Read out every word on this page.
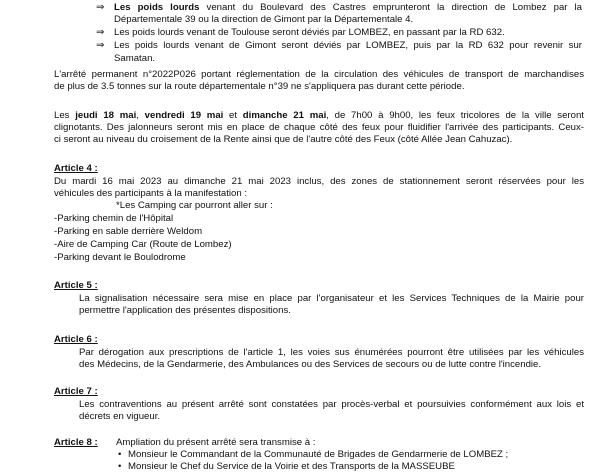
⇒ Les poids lourds venant du Boulevard des Castres emprunteront la direction de Lombez par la
Départementale 39 ou la direction de Gimont par la Départementale 4.
⇒ Les poids lourds venant de Toulouse seront déviés par LOMBEZ, en passant par la RD 632.
⇒ Les poids lourds venant de Gimont seront déviés par LOMBEZ, puis par la RD 632 pour revenir sur
Samatan.
L'arrêté permanent n°2022P026 portant réglementation de la circulation des véhicules de transport de marchandises
de plus de 3.5 tonnes sur la route départementale n°39 ne s'appliquera pas durant cette période.
Les jeudi 18 mai, vendredi 19 mai et dimanche 21 mai, de 7h00 à 9h00, les feux tricolores de la ville seront
clignotants. Des jalonneurs seront mis en place de chaque côté des feux pour fluidifier l'arrivée des participants. Ceux-
ci seront au niveau du croisement de la Rente ainsi que de l'autre côté des Feux (côté Allée Jean Cahuzac).
Article 4 :
Du mardi 16 mai 2023 au dimanche 21 mai 2023 inclus, des zones de stationnement seront réservées pour les
véhicules des participants à la manifestation :
*Les Camping car pourront aller sur :
-Parking chemin de l'Hôpital
-Parking en sable derrière Weldom
-Aire de Camping Car (Route de Lombez)
-Parking devant le Boulodrome
Article 5 :
La signalisation nécessaire sera mise en place par l'organisateur et les Services Techniques de la Mairie pour
permettre l'application des présentes dispositions.
Article 6 :
Par dérogation aux prescriptions de l'article 1, les voies sus énumérées pourront être utilisées par les véhicules
des Médecins, de la Gendarmerie, des Ambulances ou des Services de secours ou de lutte contre l'incendie.
Article 7 :
Les contraventions au présent arrêté sont constatées par procès-verbal et poursuivies conformément aux lois et
décrets en vigueur.
Article 8 : Ampliation du présent arrêté sera transmise à :
• Monsieur le Commandant de la Communauté de Brigades de Gendarmerie de LOMBEZ ;
• Monsieur le Chef du Service de la Voirie et des Transports de la MASSEUBE
